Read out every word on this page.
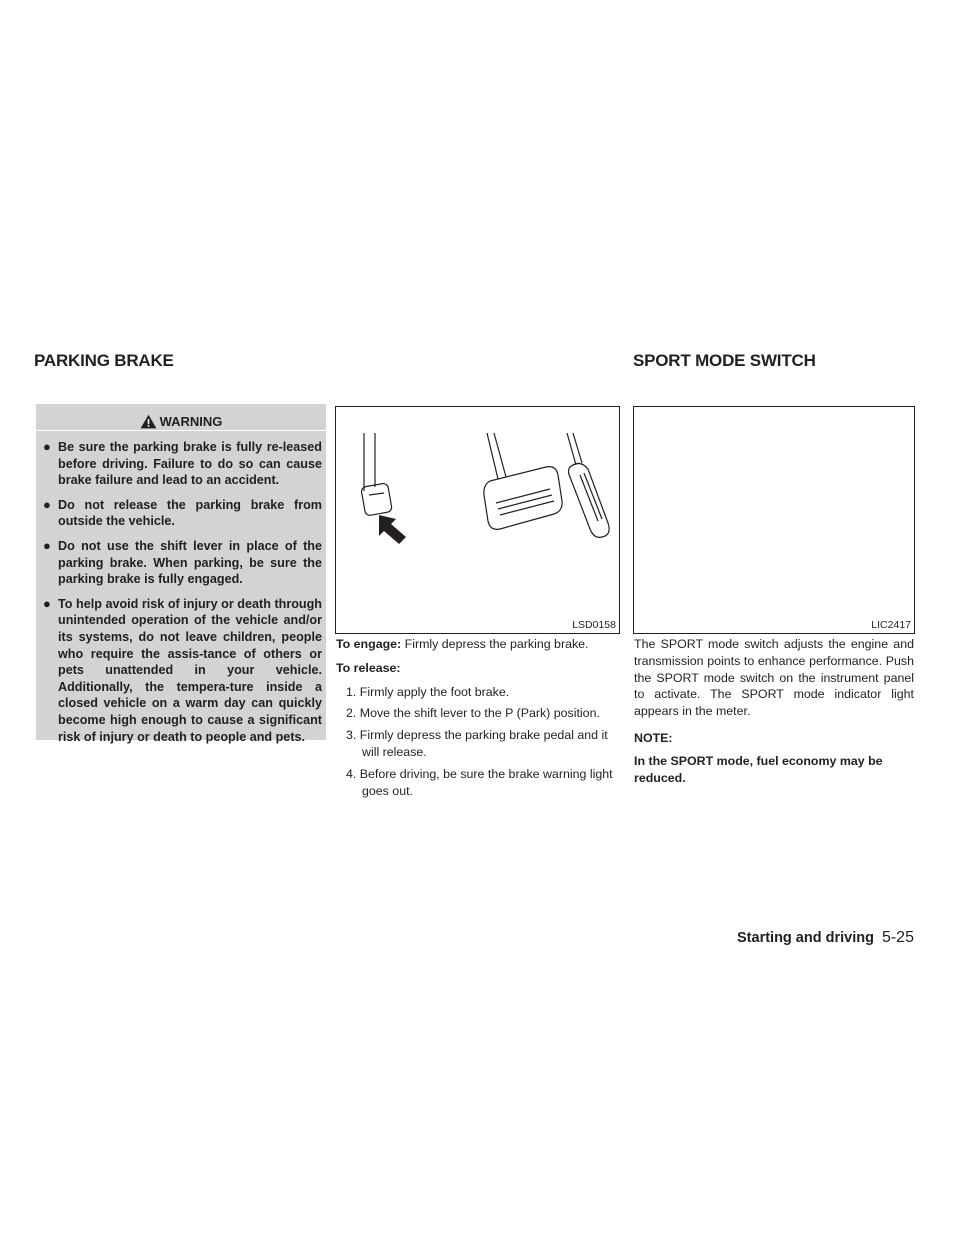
PARKING BRAKE	SPORT MODE SWITCH
WARNING
● Be sure the parking brake is fully re-leased before driving. Failure to do so can cause brake failure and lead to an accident.
● Do not release the parking brake from outside the vehicle.
● Do not use the shift lever in place of the parking brake. When parking, be sure the parking brake is fully engaged.
● To help avoid risk of injury or death through unintended operation of the vehicle and/or its systems, do not leave children, people who require the assis-tance of others or pets unattended in your vehicle. Additionally, the tempera-ture inside a closed vehicle on a warm day can quickly become high enough to cause a significant risk of injury or death to people and pets.
LSD0158
To engage: Firmly depress the parking brake.
To release:
1. Firmly apply the foot brake.
2. Move the shift lever to the P (Park) position.
3. Firmly depress the parking brake pedal and it will release.
4. Before driving, be sure the brake warning light goes out.
LIC2417
The SPORT mode switch adjusts the engine and transmission points to enhance performance. Push the SPORT mode switch on the instrument panel to activate. The SPORT mode indicator light appears in the meter.
NOTE:
In the SPORT mode, fuel economy may be reduced.
Starting and driving 5-25
